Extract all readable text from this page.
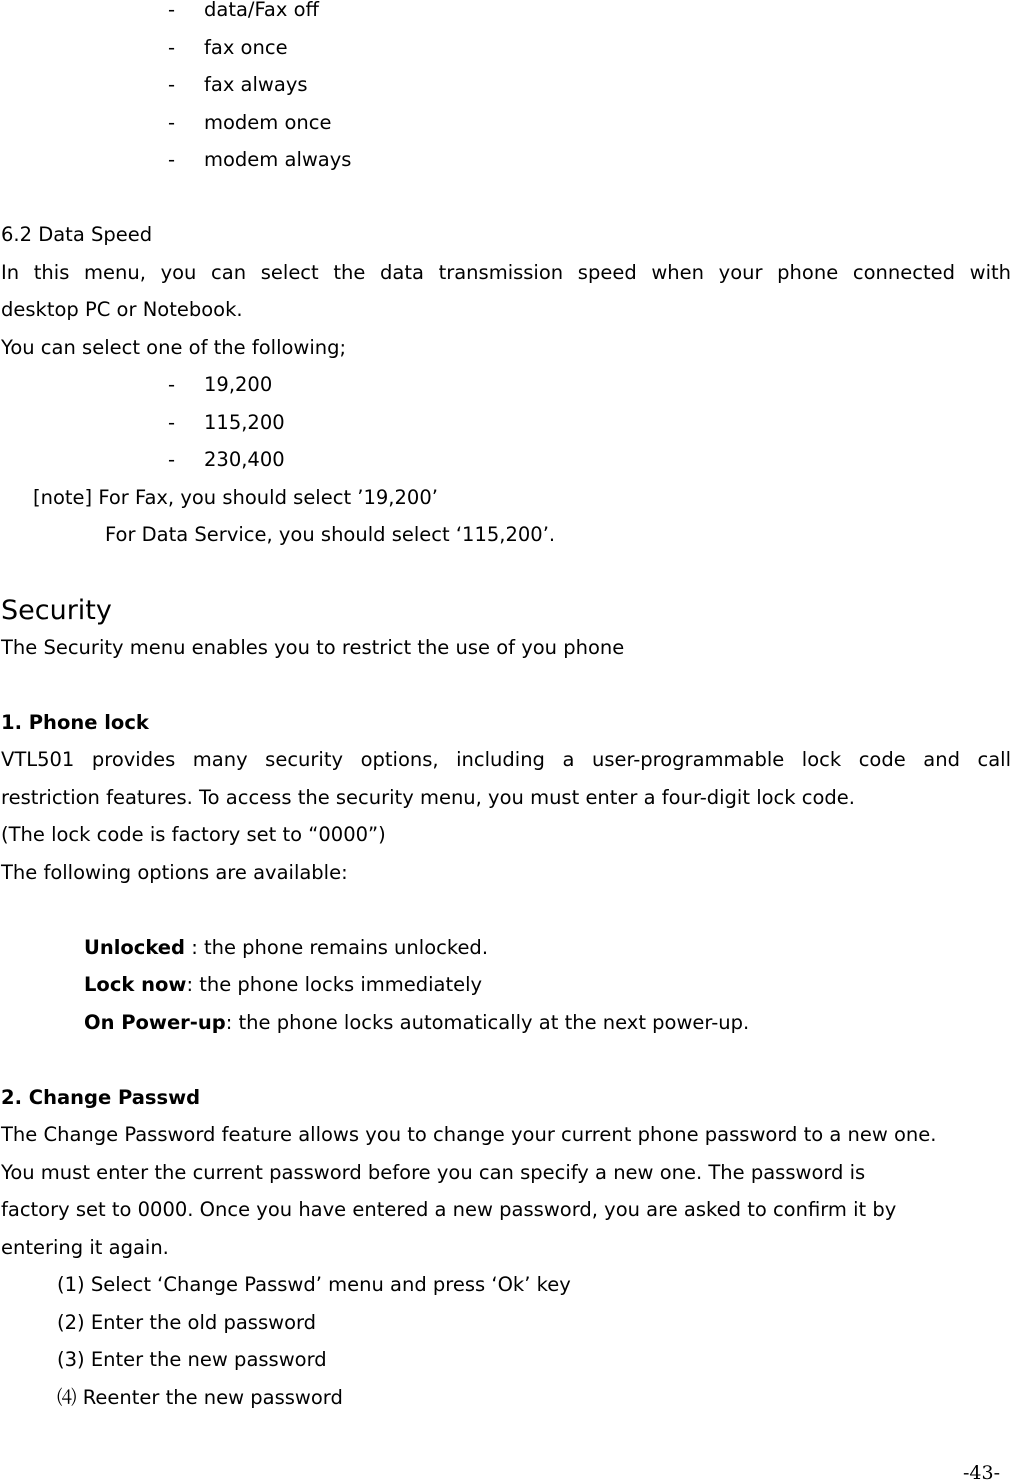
- data/Fax off
- fax once
- fax always
- modem once
- modem always
6.2 Data Speed
In this menu, you can select the data transmission speed when your phone connected with
desktop PC or Notebook.
You can select one of the following;
- 19,200
- 115,200
- 230,400
[note] For Fax, you should select ’19,200’
For Data Service, you should select ‘115,200’.
Security
The Security menu enables you to restrict the use of you phone
1. Phone lock
VTL501 provides many security options, including a user-programmable lock code and call
restriction features. To access the security menu, you must enter a four-digit lock code.
(The lock code is factory set to “0000”)
The following options are available:
Unlocked : the phone remains unlocked.
Lock now: the phone locks immediately
On Power-up: the phone locks automatically at the next power-up.
2. Change Passwd
The Change Password feature allows you to change your current phone password to a new one.
You must enter the current password before you can specify a new one. The password is
factory set to 0000. Once you have entered a new password, you are asked to confirm it by
entering it again.
(1) Select ‘Change Passwd’ menu and press ‘Ok’ key
(2) Enter the old password
(3) Enter the new password
⑷ Reenter the new password
-43-
